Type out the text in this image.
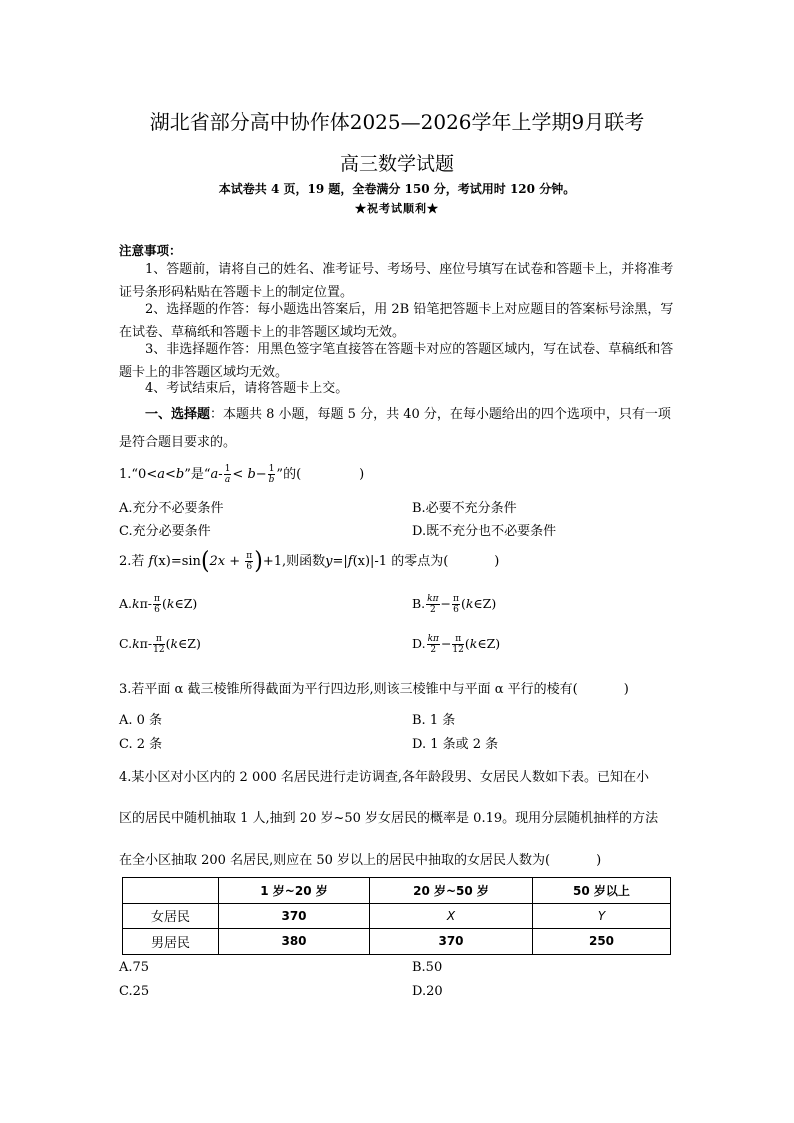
湖北省部分高中协作体2025—2026学年上学期9月联考
高三数学试题
本试卷共 4 页，19 题，全卷满分 150 分，考试用时 120 分钟。
★祝考试顺利★
注意事项：
1、答题前，请将自己的姓名、准考证号、考场号、座位号填写在试卷和答题卡上，并将准考证号条形码粘贴在答题卡上的制定位置。
2、选择题的作答：每小题选出答案后，用 2B 铅笔把答题卡上对应题目的答案标号涂黑，写在试卷、草稿纸和答题卡上的非答题区域均无效。
3、非选择题作答：用黑色签字笔直接答在答题卡对应的答题区域内，写在试卷、草稿纸和答题卡上的非答题区域均无效。
4、考试结束后，请将答题卡上交。
一、选择题：本题共 8 小题，每题 5 分，共 40 分，在每小题给出的四个选项中，只有一项是符合题目要求的。
1.“0<a<b”是“$a- \frac{1}{a} < b- \frac{1}{b}$ ”的(	)
A.充分不必要条件	B.必要不充分条件
C.充分必要条件	D.既不充分也不必要条件
2.若 $f(x)=\sin(2x + \frac{\pi}{6} )+1$,则函数y=|f(x)|-1 的零点为(	)
$A.k\pi- \frac{\pi}{6}$ (k∈Z)	B. $\frac{k\pi}{2} - \frac{\pi}{6}$ (k∈Z)
$C.k\pi- \frac{\pi}{12}$ (k∈Z)	D. $\frac{k\pi}{2} - \frac{\pi}{12}$ (k∈Z)
3.若平面 α 截三棱锥所得截面为平行四边形,则该三棱锥中与平面 α 平行的棱有(	)
A. 0 条	B. 1 条
C. 2 条	D. 1 条或 2 条
4.某小区对小区内的 2 000 名居民进行走访调查,各年龄段男、女居民人数如下表。已知在小
区的居民中随机抽取 1 人,抽到 20 岁~50 岁女居民的概率是 0.19。现用分层随机抽样的方法
在全小区抽取 200 名居民,则应在 50 岁以上的居民中抽取的女居民人数为(	)
	1 岁~20 岁	20 岁~50 岁	50 岁以上
女居民	370	X	Y
男居民	380	370	250
A.75	B.50
C.25	D.20
